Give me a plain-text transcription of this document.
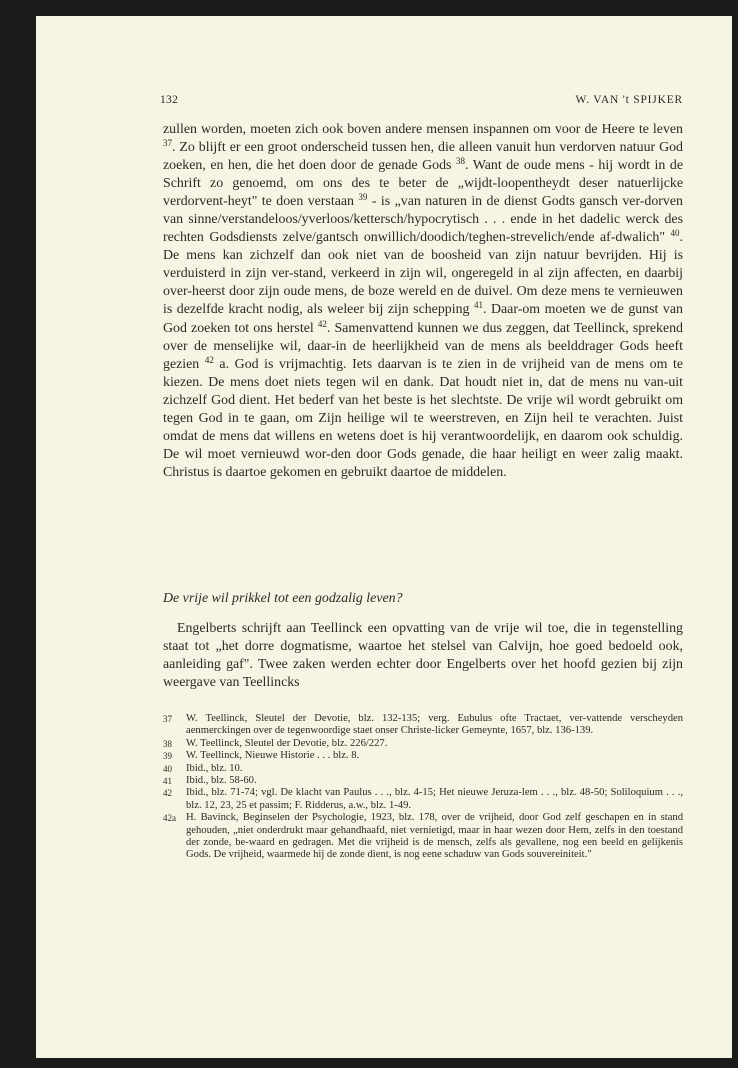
132	W. VAN 't SPIJKER

zullen worden, moeten zich ook boven andere mensen inspannen om voor de Heere te leven $^{37}$. Zo blijft er een groot onderscheid tussen hen, die alleen vanuit hun verdorven natuur God zoeken, en hen, die het doen door de genade Gods $^{38}$. Want de oude mens - hij wordt in de Schrift zo genoemd, om ons des te beter de „wijdt-loopentheydt deser natuerlijcke verdorvent-heyt" te doen verstaan $^{39}$ - is „van naturen in de dienst Godts gansch ver-dorven van sinne/verstandeloos/yverloos/kettersch/hypocrytisch . . . ende in het dadelic werck des rechten Godsdiensts zelve/gantsch onwillich/doodich/teghen-strevelich/ende af-dwalich" $^{40}$. De mens kan zichzelf dan ook niet van de boosheid van zijn natuur bevrijden. Hij is verduisterd in zijn ver-stand, verkeerd in zijn wil, ongeregeld in al zijn affecten, en daarbij over-heerst door zijn oude mens, de boze wereld en de duivel. Om deze mens te vernieuwen is dezelfde kracht nodig, als weleer bij zijn schepping $^{41}$. Daar-om moeten we de gunst van God zoeken tot ons herstel $^{42}$. Samenvattend kunnen we dus zeggen, dat Teellinck, sprekend over de menselijke wil, daar-in de heerlijkheid van de mens als beelddrager Gods heeft gezien $^{42}$ a. God is vrijmachtig. Iets daarvan is te zien in de vrijheid van de mens om te kiezen. De mens doet niets tegen wil en dank. Dat houdt niet in, dat de mens nu van-uit zichzelf God dient. Het bederf van het beste is het slechtste. De vrije wil wordt gebruikt om tegen God in te gaan, om Zijn heilige wil te weerstreven, en Zijn heil te verachten. Juist omdat de mens dat willens en wetens doet is hij verantwoordelijk, en daarom ook schuldig. De wil moet vernieuwd wor-den door Gods genade, die haar heiligt en weer zalig maakt. Christus is daartoe gekomen en gebruikt daartoe de middelen.

De vrije wil prikkel tot een godzalig leven?

Engelberts schrijft aan Teellinck een opvatting van de vrije wil toe, die in tegenstelling staat tot „het dorre dogmatisme, waartoe het stelsel van Calvijn, hoe goed bedoeld ook, aanleiding gaf". Twee zaken werden echter door Engelberts over het hoofd gezien bij zijn weergave van Teellincks

37 W. Teellinck, Sleutel der Devotie, blz. 132-135; verg. Eubulus ofte Tractaet, ver-vattende verscheyden aenmerckingen over de tegenwoordige staet onser Christe-licker Gemeynte, 1657, blz. 136-139.
38 W. Teellinck, Sleutel der Devotie, blz. 226/227.
39 W. Teellinck, Nieuwe Historie . . . blz. 8.
40 Ibid., blz. 10.
41 Ibid., blz. 58-60.
42 Ibid., blz. 71-74; vgl. De klacht van Paulus . . ., blz. 4-15; Het nieuwe Jeruza-lem . . ., blz. 48-50; Soliloquium . . ., blz. 12, 23, 25 et passim; F. Ridderus, a.w., blz. 1-49.
42a H. Bavinck, Beginselen der Psychologie, 1923, blz. 178, over de vrijheid, door God zelf geschapen en in stand gehouden, „niet onderdrukt maar gehandhaafd, niet vernietigd, maar in haar wezen door Hem, zelfs in den toestand der zonde, be-waard en gedragen. Met die vrijheid is de mensch, zelfs als gevallene, nog een beeld en gelijkenis Gods. De vrijheid, waarmede hij de zonde dient, is nog eene schaduw van Gods souvereiniteit."
